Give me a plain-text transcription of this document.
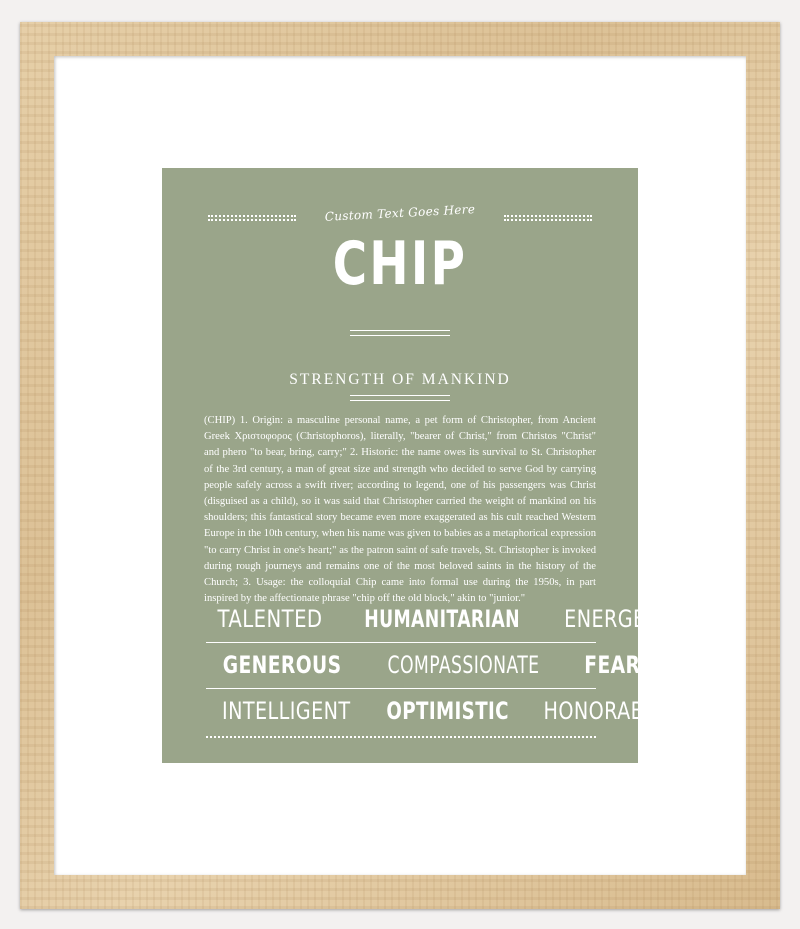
Custom Text Goes Here
CHIP
STRENGTH OF MANKIND
(CHIP) 1. Origin: a masculine personal name, a pet form of Christopher, from Ancient Greek Χριστοφορος (Christophoros), literally, "bearer of Christ," from Christos "Christ" and phero "to bear, bring, carry;" 2. Historic: the name owes its survival to St. Christopher of the 3rd century, a man of great size and strength who decided to serve God by carrying people safely across a swift river; according to legend, one of his passengers was Christ (disguised as a child), so it was said that Christopher carried the weight of mankind on his shoulders; this fantastical story became even more exaggerated as his cult reached Western Europe in the 10th century, when his name was given to babies as a metaphorical expression "to carry Christ in one's heart;" as the patron saint of safe travels, St. Christopher is invoked during rough journeys and remains one of the most beloved saints in the history of the Church; 3. Usage: the colloquial Chip came into formal use during the 1950s, in part inspired by the affectionate phrase "chip off the old block," akin to "junior."
TALENTED HUMANITARIAN ENERGETIC
GENEROUS COMPASSIONATE FEARLESS
INTELLIGENT OPTIMISTIC HONORABLE
